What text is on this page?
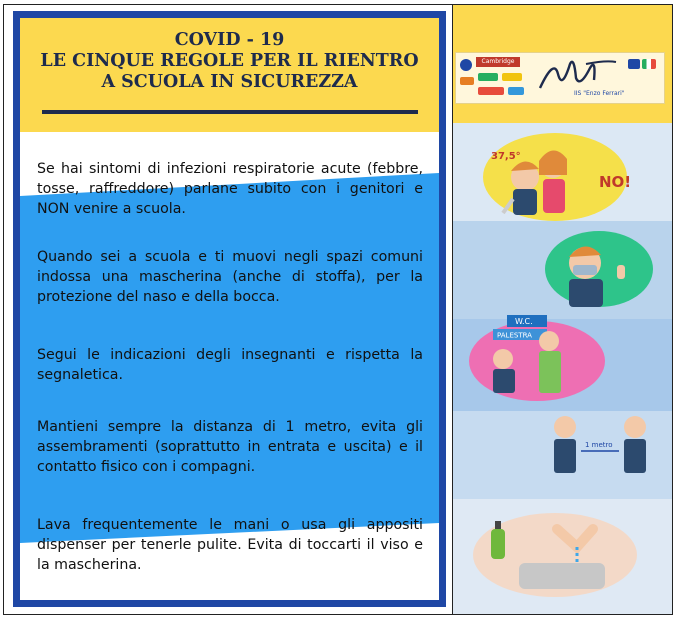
COVID - 19
LE CINQUE REGOLE PER IL RIENTRO
A SCUOLA IN SICUREZZA

Se hai sintomi di infezioni respiratorie acute (febbre, tosse, raffreddore) parlane subito con i genitori e NON venire a scuola.

Quando sei a scuola e ti muovi negli spazi comuni indossa una mascherina (anche di stoffa), per la protezione del naso e della bocca.

Segui le indicazioni degli insegnanti e rispetta la segnaletica.

Mantieni sempre la distanza di 1 metro, evita gli assembramenti (soprattutto in entrata e uscita) e il contatto fisico con i compagni.

Lava frequentemente le mani o usa gli appositi dispenser per tenerle pulite. Evita di toccarti il viso e la mascherina.

Cambridge
IIS "Enzo Ferrari"
37,5°
NO!
W.C.
PALESTRA
1 metro
